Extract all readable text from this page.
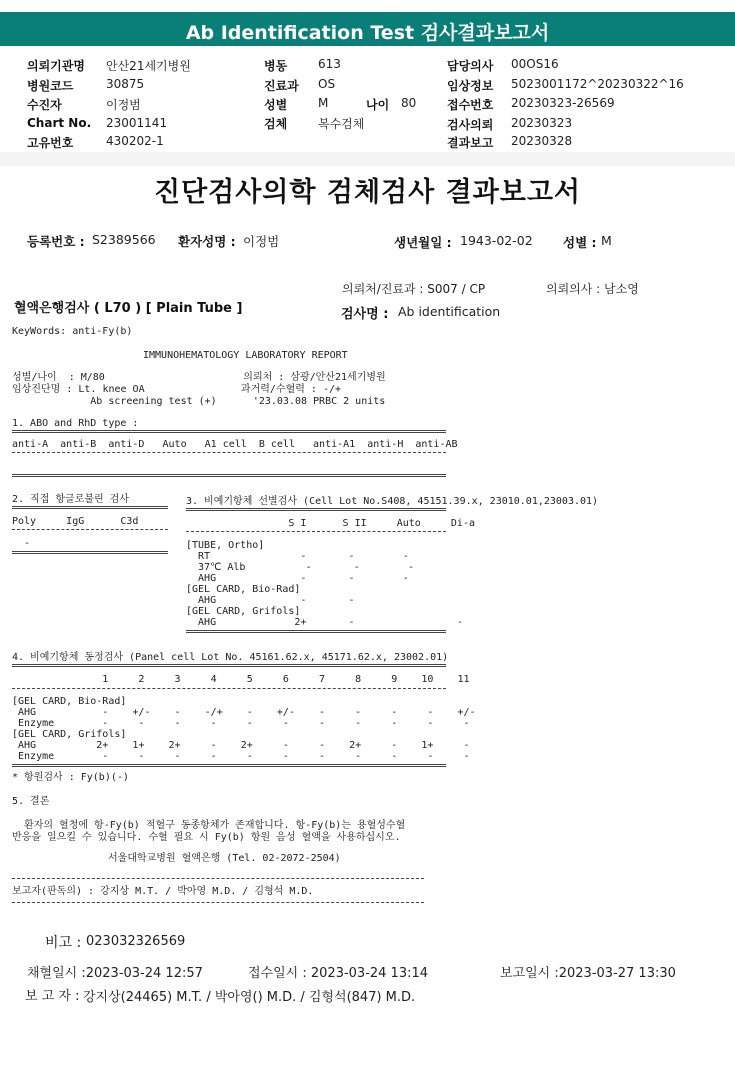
Ab Identification Test 검사결과보고서
의뢰기관명 안산21세기병원
병원코드	30875
수진자	이정범
Chart No. 23001141
고유번호	430202-1
병동	613
진료과 OS
성별	M	나이 80
검체	복수검체
담당의사 00OS16
임상정보 5023001172^20230322^16
접수번호 20230323-26569
검사의뢰 20230323
결과보고 20230328
진단검사의학 검체검사 결과보고서
등록번호 : S2389566 환자성명 : 이정범	생년월일 : 1943-02-02 성별 : M
의뢰처/진료과 : S007 / CP	의뢰의사 : 남소영
혈액은행검사 ( L70 ) [ Plain Tube ]	검사명 : Ab identification
KeyWords: anti-Fy(b)
IMMUNOHEMATOLOGY LABORATORY REPORT
성별/나이  : M/80                       의뢰처 : 삼광/안산21세기병원
임상진단명 : Lt. knee OA                과거력/수혈력 : -/+
Ab screening test (+)      '23.03.08 PRBC 2 units
1. ABO and RhD type :
anti-A  anti-B  anti-D   Auto   A1 cell  B cell   anti-A1  anti-H  anti-AB
2. 직접 항글로불린 검사
Poly     IgG      C3d
-
3. 비예기항체 선별검사 (Cell Lot No.S408, 45151.39.x, 23010.01,23003.01)
S I      S II     Auto     Di-a
[TUBE, Ortho]
RT               -       -        -
37℃ Alb          -       -        -
AHG              -       -        -
[GEL CARD, Bio-Rad]
AHG              -       -
[GEL CARD, Grifols]
AHG             2+       -                 -
4. 비예기항체 동정검사 (Panel cell Lot No. 45161.62.x, 45171.62.x, 23002.01)
1     2     3     4     5     6     7     8     9    10    11
[GEL CARD, Bio-Rad]
AHG           -    +/-    -    -/+    -    +/-    -     -     -     -    +/-
Enzyme        -     -     -     -     -     -     -     -     -     -     -
[GEL CARD, Grifols]
AHG          2+    1+    2+     -    2+     -     -    2+     -    1+     -
Enzyme        -     -     -     -     -     -     -     -     -     -     -
* 항원검사 : Fy(b)(-)
5. 결론
환자의 혈청에 항-Fy(b) 적혈구 동종항체가 존재합니다. 항-Fy(b)는 용혈성수혈
반응을 일으킬 수 있습니다. 수혈 필요 시 Fy(b) 항원 음성 혈액을 사용하십시오.
서울대학교병원 혈액은행 (Tel. 02-2072-2504)
보고자(판독의) : 강지상 M.T. / 박아영 M.D. / 김형석 M.D.
비고 : 023032326569
채혈일시 :2023-03-24 12:57	접수일시 : 2023-03-24 13:14	보고일시 :2023-03-27 13:30
보 고 자 : 강지상(24465) M.T. / 박아영() M.D. / 김형석(847) M.D.
